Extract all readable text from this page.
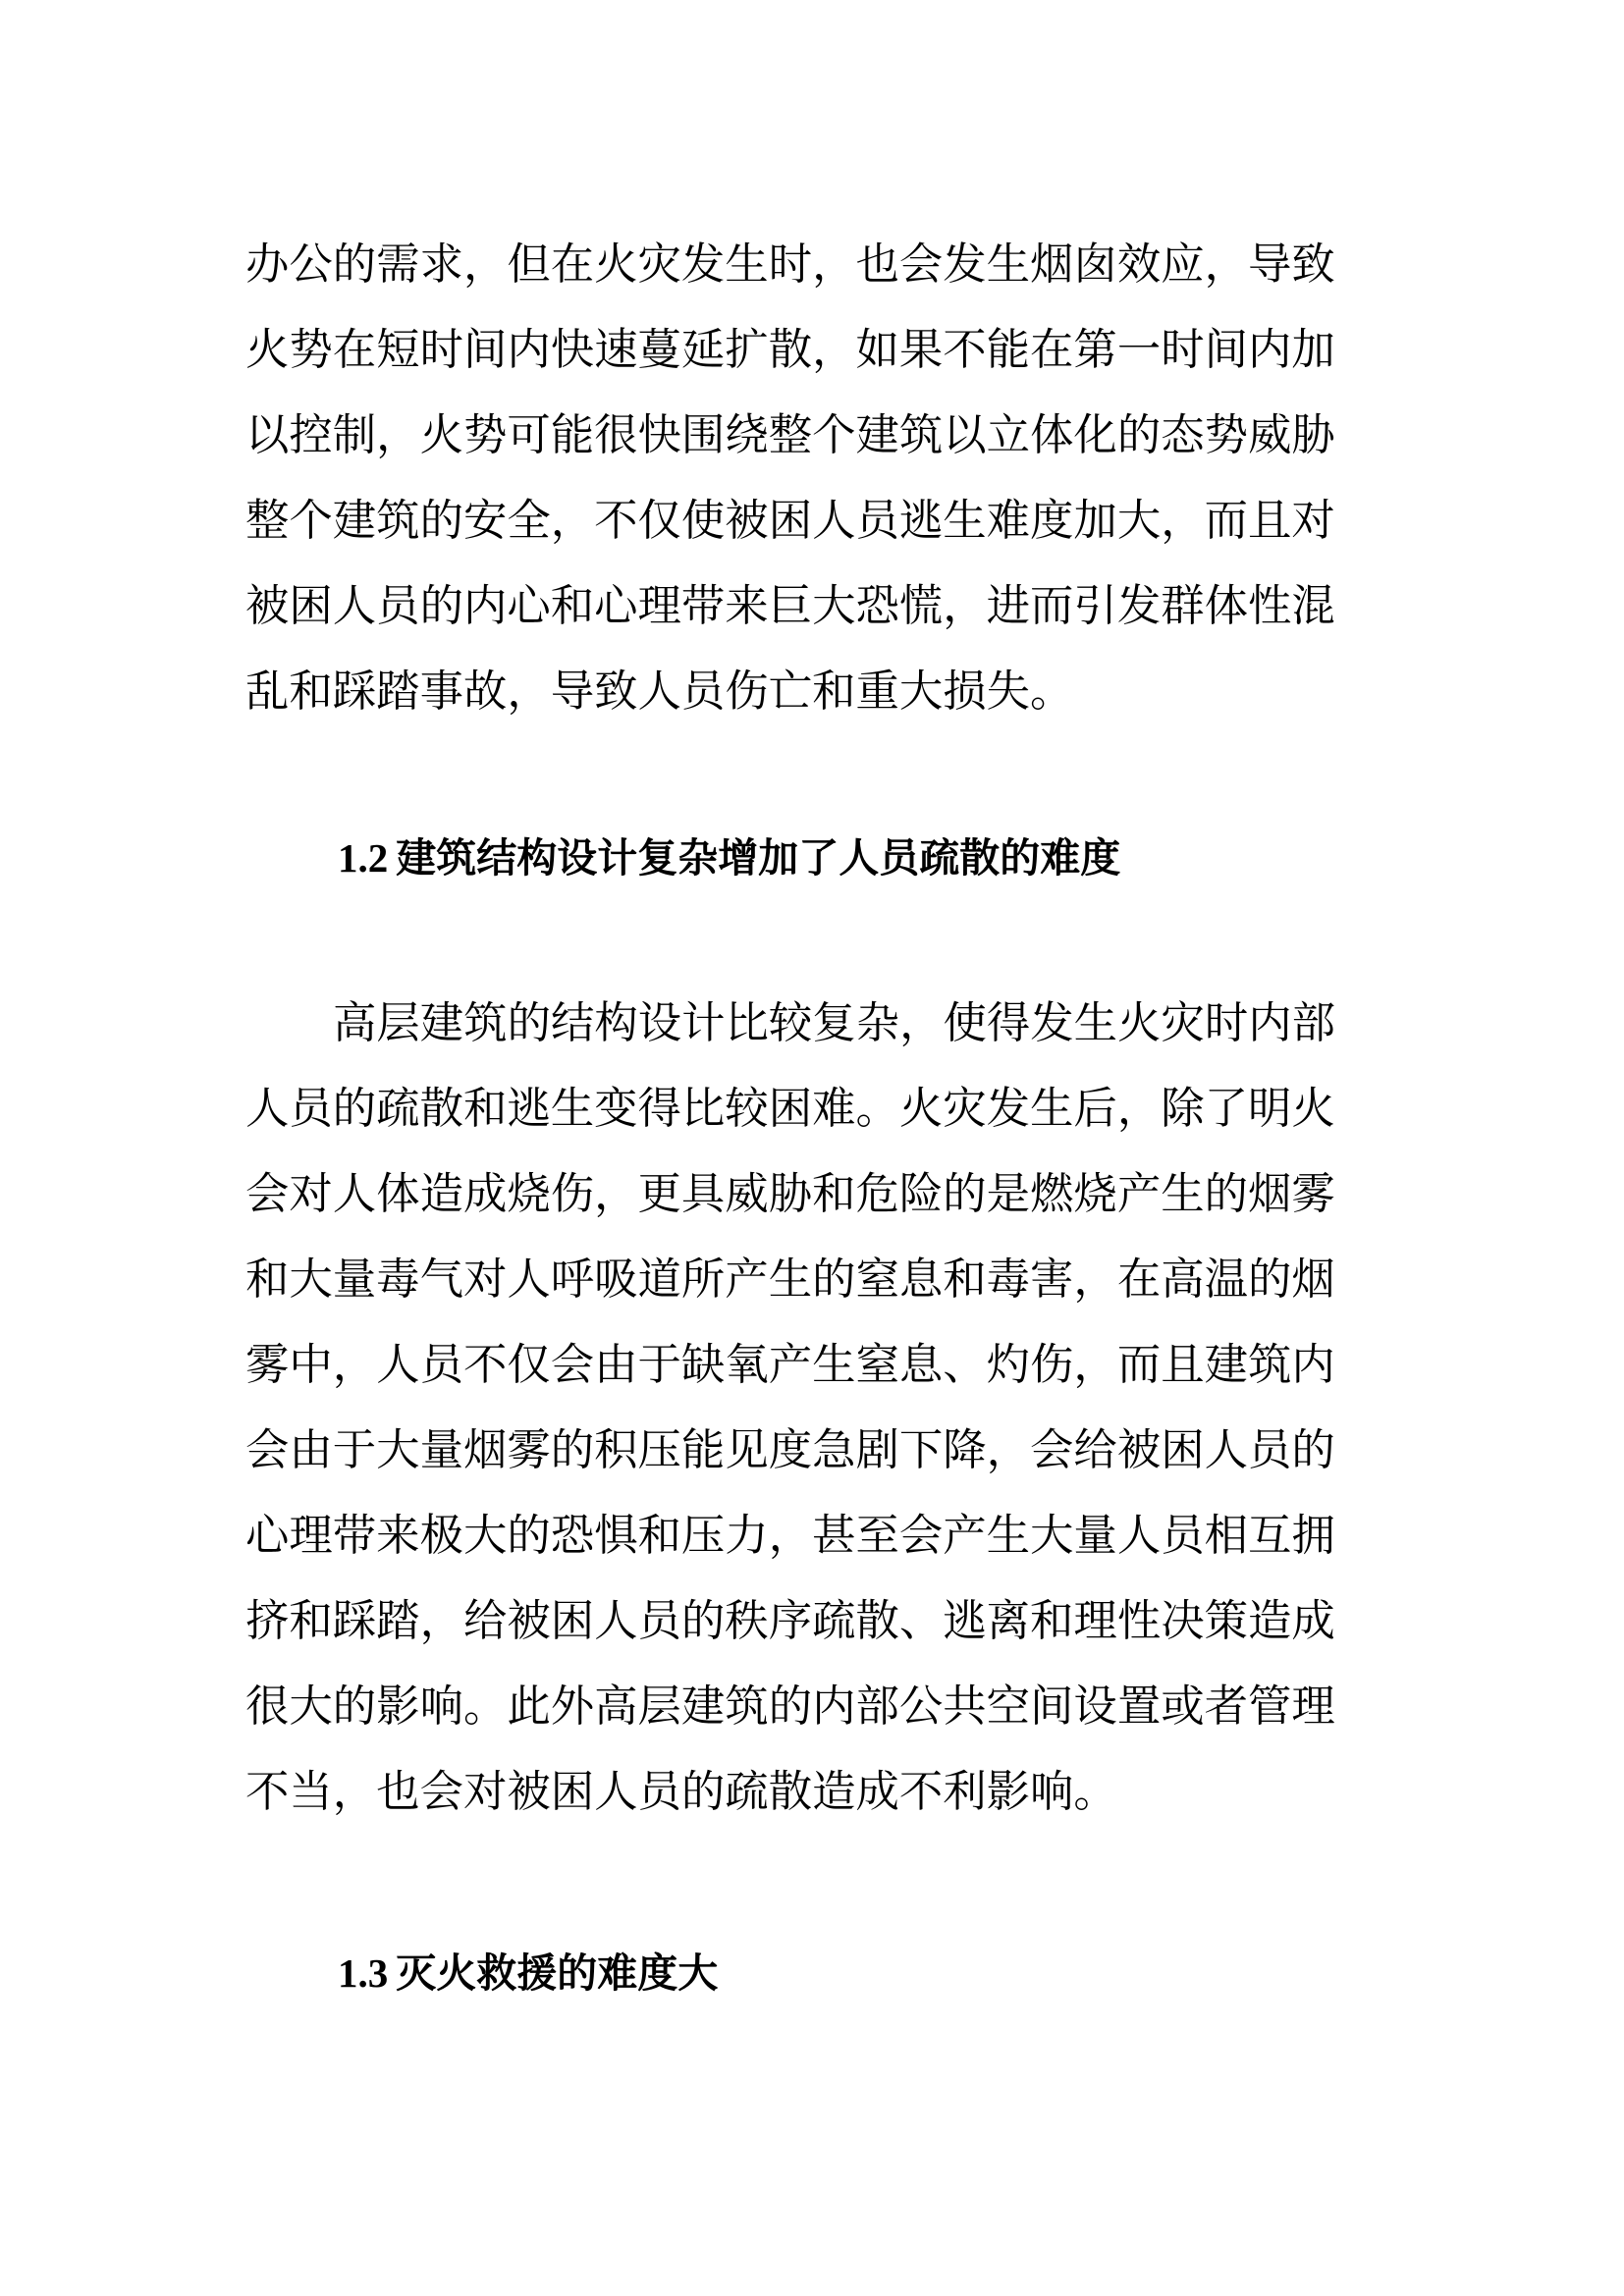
办公的需求，但在火灾发生时，也会发生烟囱效应，导致
火势在短时间内快速蔓延扩散，如果不能在第一时间内加
以控制，火势可能很快围绕整个建筑以立体化的态势威胁
整个建筑的安全，不仅使被困人员逃生难度加大，而且对
被困人员的内心和心理带来巨大恐慌，进而引发群体性混
乱和踩踏事故，导致人员伤亡和重大损失。
1.2 建筑结构设计复杂增加了人员疏散的难度
高层建筑的结构设计比较复杂，使得发生火灾时内部
人员的疏散和逃生变得比较困难。火灾发生后，除了明火
会对人体造成烧伤，更具威胁和危险的是燃烧产生的烟雾
和大量毒气对人呼吸道所产生的窒息和毒害，在高温的烟
雾中，人员不仅会由于缺氧产生窒息、灼伤，而且建筑内
会由于大量烟雾的积压能见度急剧下降，会给被困人员的
心理带来极大的恐惧和压力，甚至会产生大量人员相互拥
挤和踩踏，给被困人员的秩序疏散、逃离和理性决策造成
很大的影响。此外高层建筑的内部公共空间设置或者管理
不当，也会对被困人员的疏散造成不利影响。
1.3 灭火救援的难度大
